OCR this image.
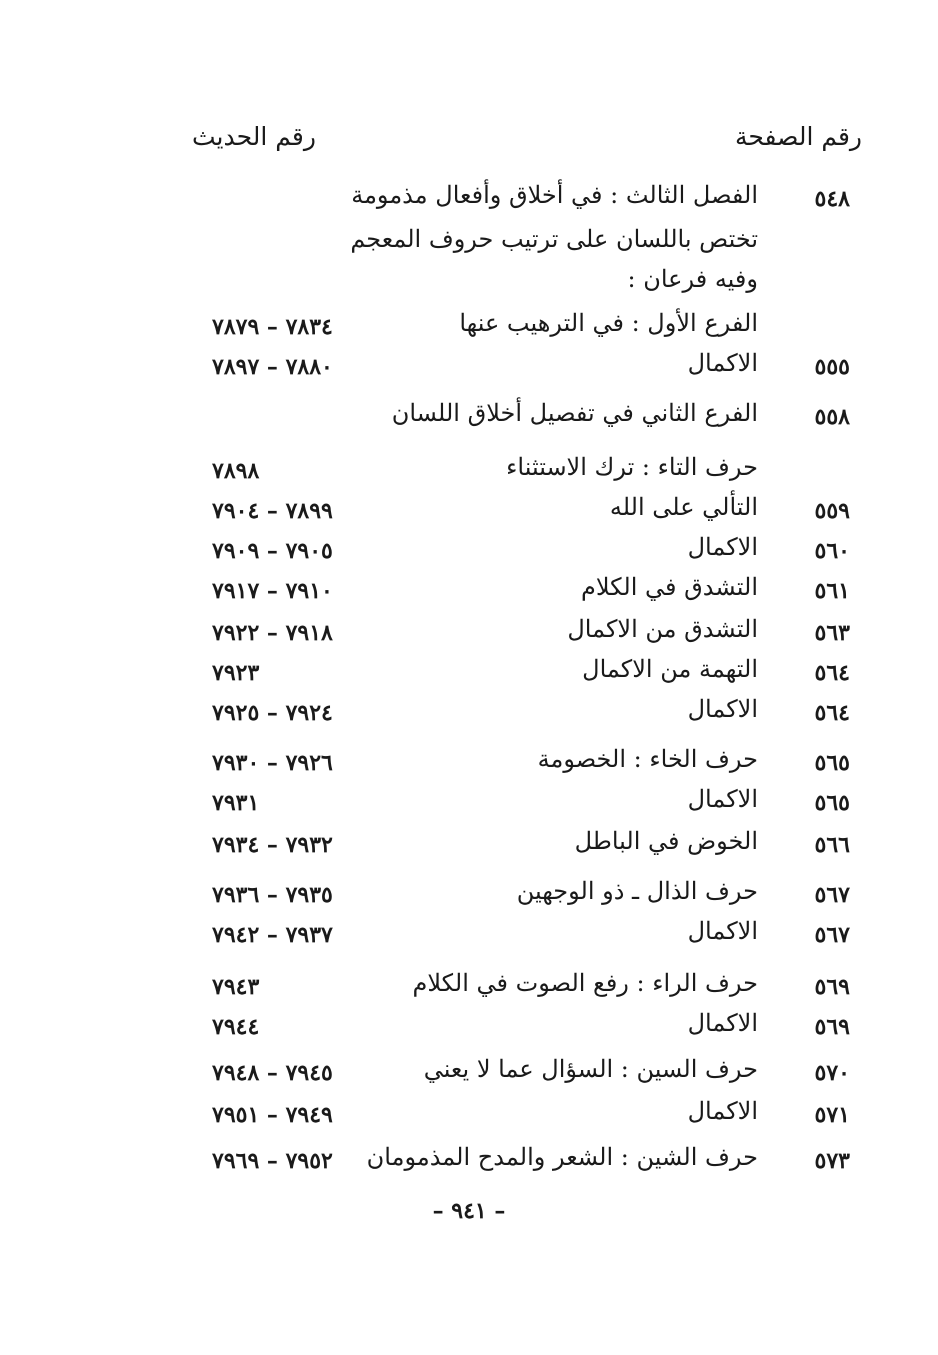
رقم الصفحة
رقم الحديث
٥٤٨
الفصل الثالث : في أخلاق وأفعال مذمومة
تختص باللسان على ترتيب حروف المعجم
وفيه فرعان :
الفرع الأول : في الترهيب عنها
٧٨٣٤ – ٧٨٧٩
٥٥٥
الاكمال
٧٨٨٠ – ٧٨٩٧
٥٥٨
الفرع الثاني في تفصيل أخلاق اللسان
حرف التاء : ترك الاستثناء
٧٨٩٨
٥٥٩
التألي على الله
٧٨٩٩ – ٧٩٠٤
٥٦٠
الاكمال
٧٩٠٥ – ٧٩٠٩
٥٦١
التشدق في الكلام
٧٩١٠ – ٧٩١٧
٥٦٣
التشدق من الاكمال
٧٩١٨ – ٧٩٢٢
٥٦٤
التهمة من الاكمال
٧٩٢٣
٥٦٤
الاكمال
٧٩٢٤ – ٧٩٢٥
٥٦٥
حرف الخاء : الخصومة
٧٩٢٦ – ٧٩٣٠
٥٦٥
الاكمال
٧٩٣١
٥٦٦
الخوض في الباطل
٧٩٣٢ – ٧٩٣٤
٥٦٧
حرف الذال ـ ذو الوجهين
٧٩٣٥ – ٧٩٣٦
٥٦٧
الاكمال
٧٩٣٧ – ٧٩٤٢
٥٦٩
حرف الراء : رفع الصوت في الكلام
٧٩٤٣
٥٦٩
الاكمال
٧٩٤٤
٥٧٠
حرف السين : السؤال عما لا يعني
٧٩٤٥ – ٧٩٤٨
٥٧١
الاكمال
٧٩٤٩ – ٧٩٥١
٥٧٣
حرف الشين : الشعر والمدح المذمومان
٧٩٥٢ – ٧٩٦٩
– ٩٤١ –
